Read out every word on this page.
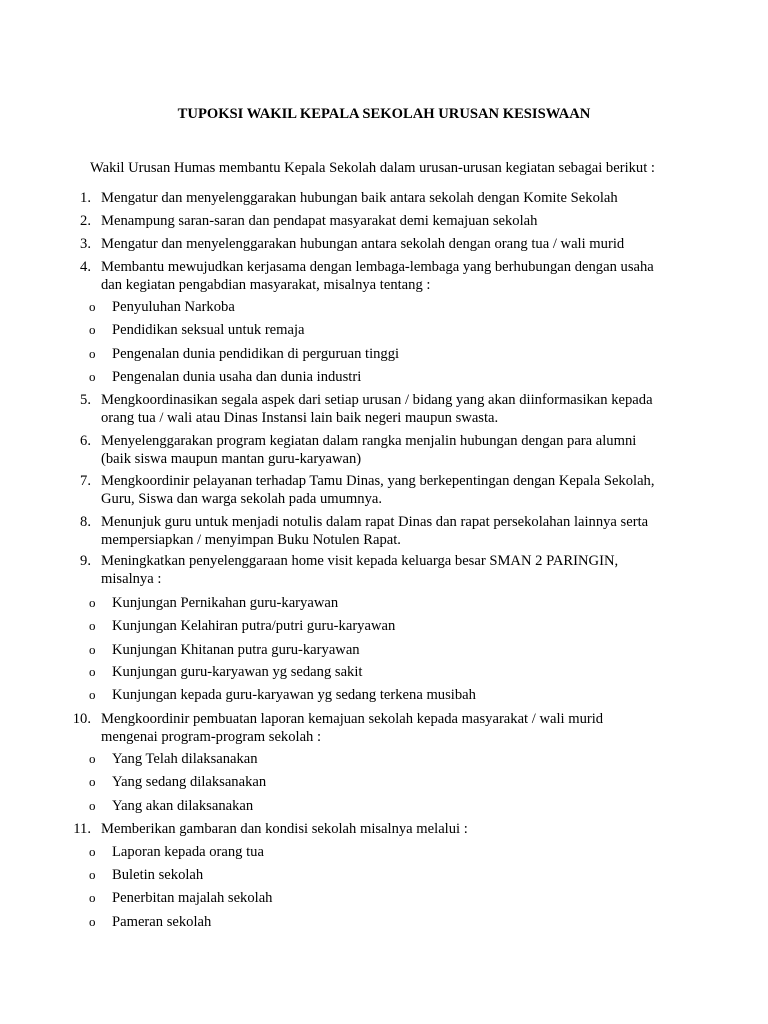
TUPOKSI WAKIL KEPALA SEKOLAH URUSAN KESISWAAN
Wakil Urusan Humas membantu Kepala Sekolah dalam urusan-urusan kegiatan sebagai berikut :
1. Mengatur dan menyelenggarakan hubungan baik antara sekolah dengan Komite Sekolah
2. Menampung saran-saran dan pendapat masyarakat demi kemajuan sekolah
3. Mengatur dan menyelenggarakan hubungan antara sekolah dengan orang tua / wali murid
4. Membantu mewujudkan kerjasama dengan lembaga-lembaga yang berhubungan dengan usaha
dan kegiatan pengabdian masyarakat, misalnya tentang :
o Penyuluhan Narkoba
o Pendidikan seksual untuk remaja
o Pengenalan dunia pendidikan di perguruan tinggi
o Pengenalan dunia usaha dan dunia industri
5. Mengkoordinasikan segala aspek dari setiap urusan / bidang yang akan diinformasikan kepada
orang tua / wali atau Dinas Instansi lain baik negeri maupun swasta.
6. Menyelenggarakan program kegiatan dalam rangka menjalin hubungan dengan para alumni
(baik siswa maupun mantan guru-karyawan)
7. Mengkoordinir pelayanan terhadap Tamu Dinas, yang berkepentingan dengan Kepala Sekolah,
Guru, Siswa dan warga sekolah pada umumnya.
8. Menunjuk guru untuk menjadi notulis dalam rapat Dinas dan rapat persekolahan lainnya serta
mempersiapkan / menyimpan Buku Notulen Rapat.
9. Meningkatkan penyelenggaraan home visit kepada keluarga besar SMAN 2 PARINGIN,
misalnya :
o Kunjungan Pernikahan guru-karyawan
o Kunjungan Kelahiran putra/putri guru-karyawan
o Kunjungan Khitanan putra guru-karyawan
o Kunjungan guru-karyawan yg sedang sakit
o Kunjungan kepada guru-karyawan yg sedang terkena musibah
10. Mengkoordinir pembuatan laporan kemajuan sekolah kepada masyarakat / wali murid
mengenai program-program sekolah :
o Yang Telah dilaksanakan
o Yang sedang dilaksanakan
o Yang akan dilaksanakan
11. Memberikan gambaran dan kondisi sekolah misalnya melalui :
o Laporan kepada orang tua
o Buletin sekolah
o Penerbitan majalah sekolah
o Pameran sekolah
